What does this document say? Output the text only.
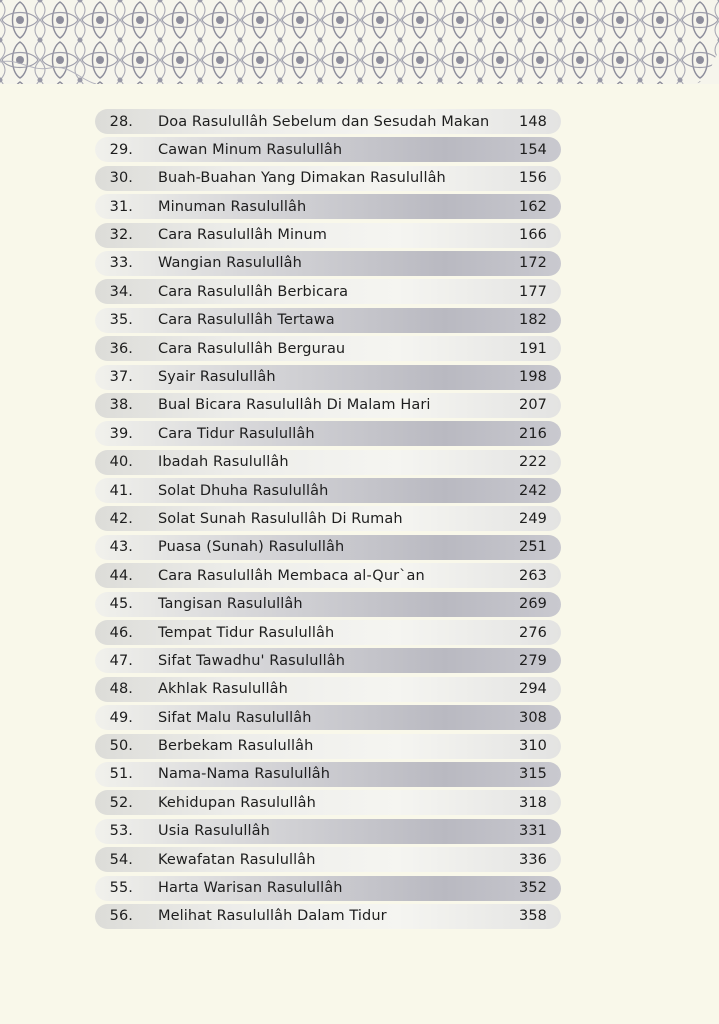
28.	Doa Rasulullâh Sebelum dan Sesudah Makan	148
29.	Cawan Minum Rasulullâh	154
30.	Buah-Buahan Yang Dimakan Rasulullâh	156
31.	Minuman Rasulullâh	162
32.	Cara Rasulullâh Minum	166
33.	Wangian Rasulullâh	172
34.	Cara Rasulullâh Berbicara	177
35.	Cara Rasulullâh Tertawa	182
36.	Cara Rasulullâh Bergurau	191
37.	Syair Rasulullâh	198
38.	Bual Bicara Rasulullâh Di Malam Hari	207
39.	Cara Tidur Rasulullâh	216
40.	Ibadah Rasulullâh	222
41.	Solat Dhuha Rasulullâh	242
42.	Solat Sunah Rasulullâh Di Rumah	249
43.	Puasa (Sunah) Rasulullâh	251
44.	Cara Rasulullâh Membaca al-Qur`an	263
45.	Tangisan Rasulullâh	269
46.	Tempat Tidur Rasulullâh	276
47.	Sifat Tawadhu' Rasulullâh	279
48.	Akhlak Rasulullâh	294
49.	Sifat Malu Rasulullâh	308
50.	Berbekam Rasulullâh	310
51.	Nama-Nama Rasulullâh	315
52.	Kehidupan Rasulullâh	318
53.	Usia Rasulullâh	331
54.	Kewafatan Rasulullâh	336
55.	Harta Warisan Rasulullâh	352
56.	Melihat Rasulullâh Dalam Tidur	358
